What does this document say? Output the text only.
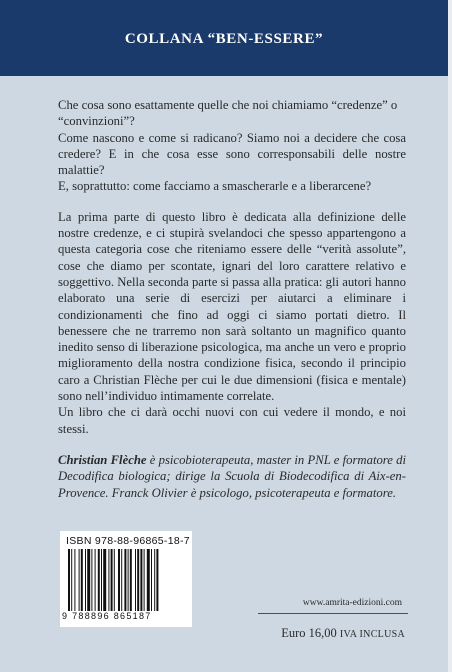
COLLANA “BEN-ESSERE”

Che cosa sono esattamente quelle che noi chiamiamo “credenze” o “convinzioni”?

Come nascono e come si radicano? Siamo noi a decidere che cosa credere? E in che cosa esse sono corresponsabili delle nostre malattie?

E, soprattutto: come facciamo a smascherarle e a liberarcene?

La prima parte di questo libro è dedicata alla definizione delle nostre credenze, e ci stupirà svelandoci che spesso appartengono a questa categoria cose che riteniamo essere delle “verità assolute”, cose che diamo per scontate, ignari del loro carattere relativo e soggettivo. Nella seconda parte si passa alla pratica: gli autori hanno elaborato una serie di esercizi per aiutarci a eliminare i condizionamenti che fino ad oggi ci siamo portati dietro. Il benessere che ne trarremo non sarà soltanto un magnifico quanto inedito senso di liberazione psicologica, ma anche un vero e proprio miglioramento della nostra condizione fisica, secondo il principio caro a Christian Flèche per cui le due dimensioni (fisica e mentale) sono nell’individuo intimamente correlate.

Un libro che ci darà occhi nuovi con cui vedere il mondo, e noi stessi.

Christian Flèche è psicobioterapeuta, master in PNL e formatore di Decodifica biologica; dirige la Scuola di Biodecodifica di Aix-en-Provence. Franck Olivier è psicologo, psicoterapeuta e formatore.

ISBN 978-88-96865-18-7
9 788896 865187
www.amrita-edizioni.com
Euro 16,00 IVA INCLUSA
